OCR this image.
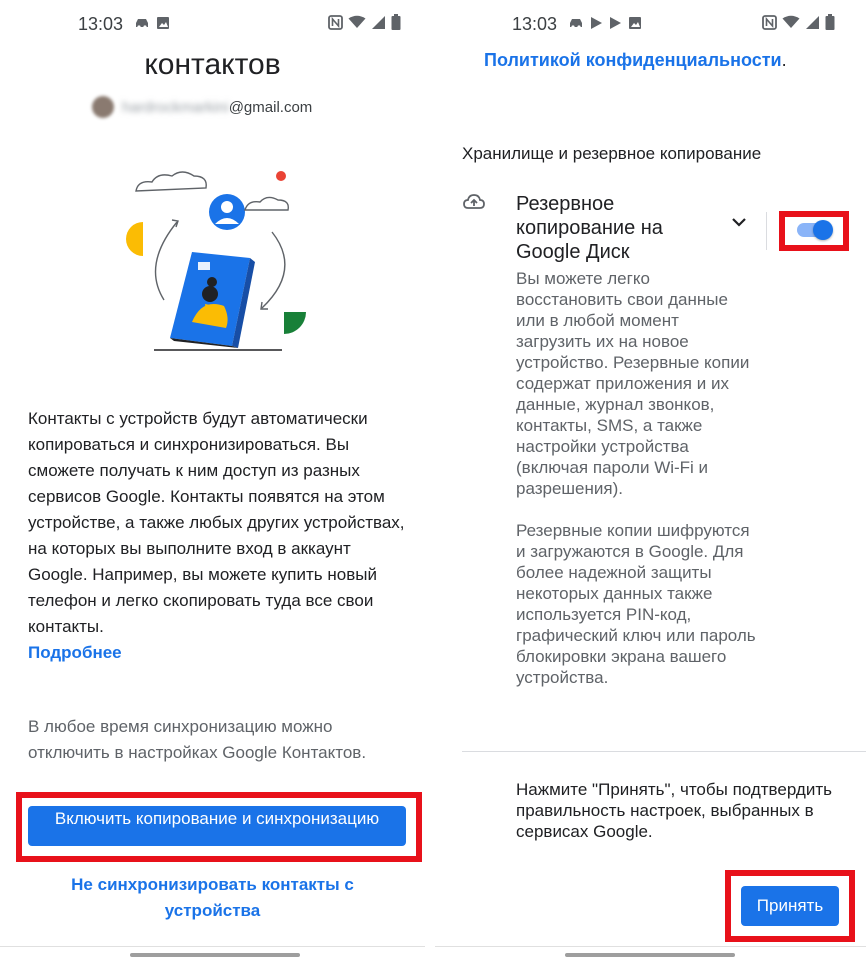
13:03
контактов
hardrockmarkini @gmail.com

Контакты с устройств будут автоматически копироваться и синхронизироваться. Вы сможете получать к ним доступ из разных сервисов Google. Контакты появятся на этом устройстве, а также любых других устройствах, на которых вы выполните вход в аккаунт Google. Например, вы можете купить новый телефон и легко скопировать туда все свои контакты.
Подробнее

В любое время синхронизацию можно отключить в настройках Google Контактов.

Включить копирование и синхронизацию
Не синхронизировать контакты с устройства
13:03
Политикой конфиденциальности.
Хранилище и резервное копирование
Резервное копирование на Google Диск

Вы можете легко восстановить свои данные или в любой момент загрузить их на новое устройство. Резервные копии содержат приложения и их данные, журнал звонков, контакты, SMS, а также настройки устройства (включая пароли Wi-Fi и разрешения).

Резервные копии шифруются и загружаются в Google. Для более надежной защиты некоторых данных также используется PIN-код, графический ключ или пароль блокировки экрана вашего устройства.

Нажмите "Принять", чтобы подтвердить правильность настроек, выбранных в сервисах Google.

Принять
